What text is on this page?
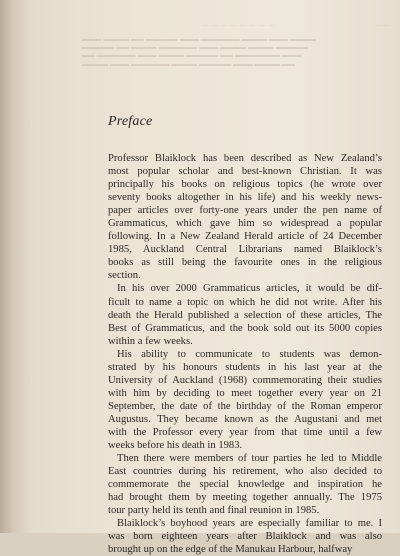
— — — — — — — —	— —
▬▬▬ ▬▬▬▬ ▬▬ ▬▬▬▬▬ ▬▬▬ ▬▬▬▬▬▬ ▬▬▬▬ ▬▬▬ ▬▬▬▬
▬▬▬▬▬ ▬▬ ▬▬▬▬ ▬▬▬▬▬▬ ▬▬▬ ▬▬▬▬ ▬▬▬▬ ▬▬▬▬▬
▬▬ ▬▬▬▬▬▬ ▬▬▬ ▬▬▬▬ ▬▬▬▬▬ ▬▬ ▬▬▬▬▬▬▬ ▬▬▬
▬▬▬▬ ▬▬▬ ▬▬▬▬▬▬ ▬▬▬▬ ▬▬▬▬▬ ▬▬▬ ▬▬▬▬ ▬▬
Preface
Professor Blaiklock has been described as New Zealand’s
most popular scholar and best-known Christian. It was
principally his books on religious topics (he wrote over
seventy books altogether in his life) and his weekly news-
paper articles over forty-one years under the pen name of
Grammaticus, which gave him so widespread a popular
following. In a New Zealand Herald article of 24 December
1985, Auckland Central Librarians named Blaiklock’s
books as still being the favourite ones in the religious
section.
In his over 2000 Grammaticus articles, it would be dif-
ficult to name a topic on which he did not write. After his
death the Herald published a selection of these articles, The
Best of Grammaticus, and the book sold out its 5000 copies
within a few weeks.
His ability to communicate to students was demon-
strated by his honours students in his last year at the
University of Auckland (1968) commemorating their studies
with him by deciding to meet together every year on 21
September, the date of the birthday of the Roman emperor
Augustus. They became known as the Augustani and met
with the Professor every year from that time until a few
weeks before his death in 1983.
Then there were members of tour parties he led to Middle
East countries during his retirement, who also decided to
commemorate the special knowledge and inspiration he
had brought them by meeting together annually. The 1975
tour party held its tenth and final reunion in 1985.
Blaiklock’s boyhood years are especially familiar to me. I
was born eighteen years after Blaiklock and was also
brought up on the edge of the Manukau Harbour, halfway
